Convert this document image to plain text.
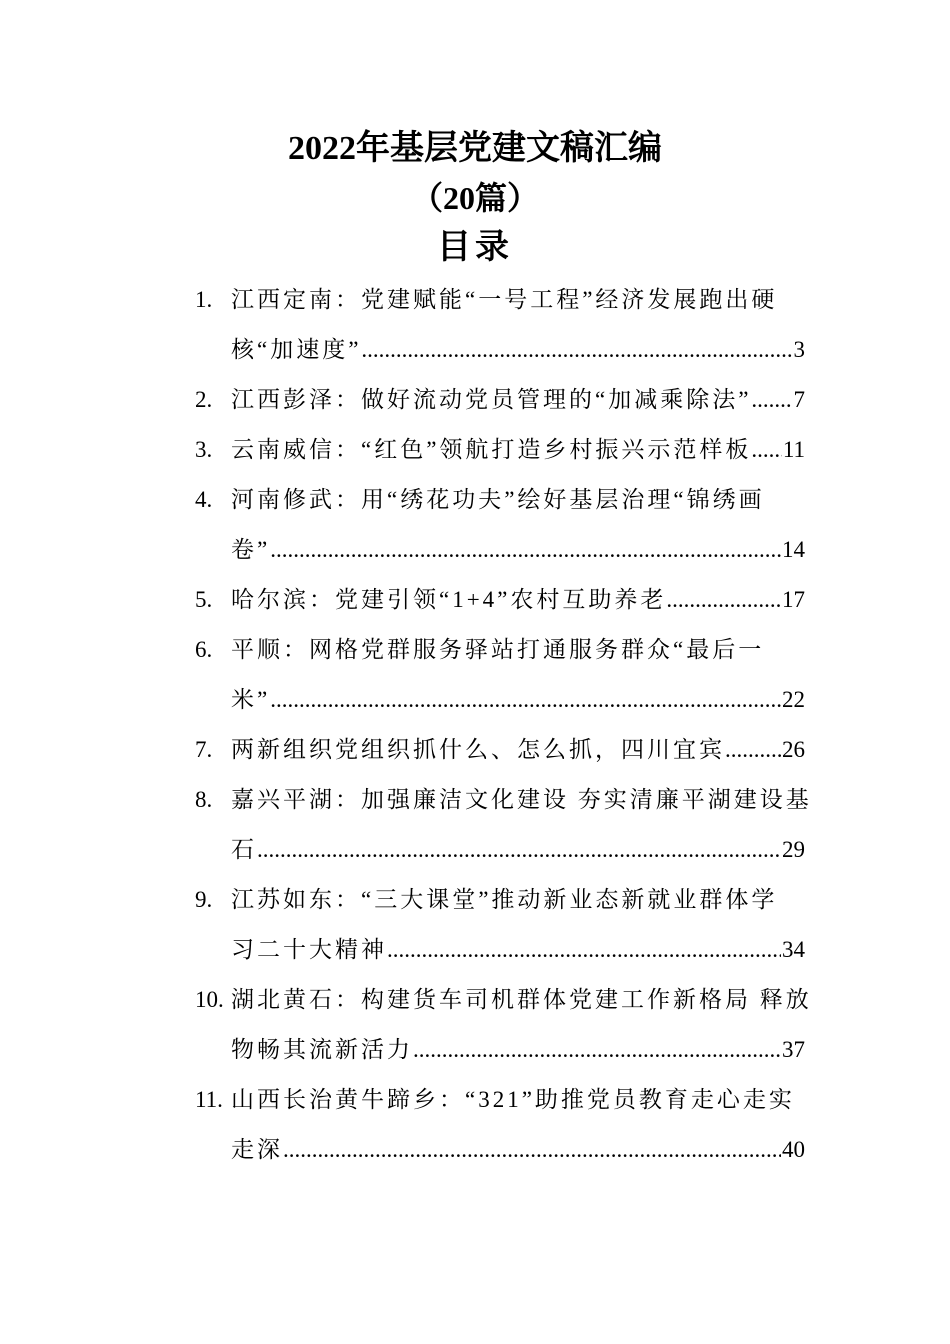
2022年基层党建文稿汇编
（20篇）
目录
1. 江西定南：党建赋能“一号工程”经济发展跑出硬
核“加速度” .....	3
2. 江西彭泽：做好流动党员管理的“加减乘除法” ..... 7
3. 云南威信：“红色”领航打造乡村振兴示范样板 ..... 11
4. 河南修武：用“绣花功夫”绘好基层治理“锦绣画
卷” .....	14
5. 哈尔滨：党建引领“1+4”农村互助养老 .....	17
6. 平顺：网格党群服务驿站打通服务群众“最后一
米” .....	22
7. 两新组织党组织抓什么、怎么抓，四川宜宾 ..... 26
8. 嘉兴平湖：加强廉洁文化建设 夯实清廉平湖建设基
石 .....	29
9. 江苏如东：“三大课堂”推动新业态新就业群体学
习二十大精神 .....	34
10. 湖北黄石：构建货车司机群体党建工作新格局 释放
物畅其流新活力 .....	37
11. 山西长治黄牛蹄乡：“321”助推党员教育走心走实
走深 .....	40
